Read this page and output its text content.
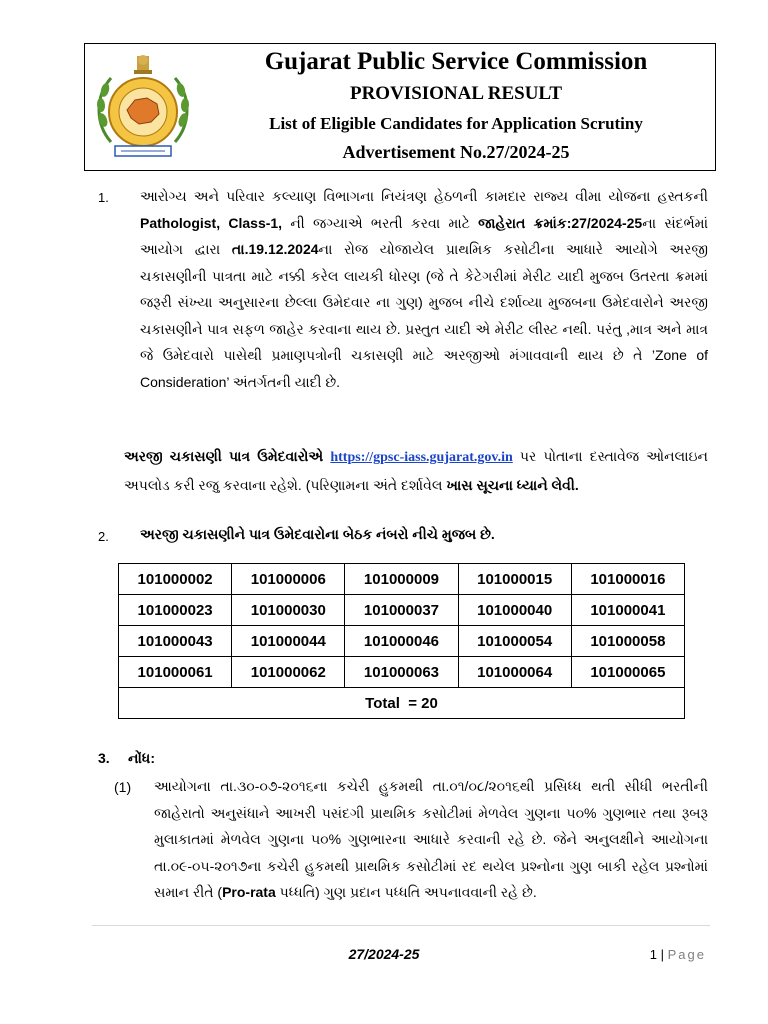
Gujarat Public Service Commission
PROVISIONAL RESULT
List of Eligible Candidates for Application Scrutiny
Advertisement No.27/2024-25
1. આરોગ્ય અને પરિવાર કલ્યાણ વિભાગના નિયંત્રણ હેઠળની કામદાર રાજ્ય વીમા યોજના હસ્તકની Pathologist, Class-1, ની જગ્યાએ ભરતી કરવા માટે જાહેરાત ક્રમાંક:27/2024-25ના સંદર્ભમાં આયોગ દ્વારા તા.19.12.2024ના રોજ યોજાયેલ પ્રાથમિક કસોટીના આધારે આયોગે અરજી ચકાસણીની પાત્રતા માટે નક્કી કરેલ લાયકી ધોરણ (જે તે કેટેગરીમાં મેરીટ યાદી મુજબ ઉતરતા ક્રમમાં જરૂરી સંખ્યા અનુસારના છેલ્લા ઉમેદવાર ના ગુણ) મુજબ નીચે દર્શાવ્યા મુજબના ઉમેદવારોને અરજી ચકાસણીને પાત્ર સફળ જાહેર કરવાના થાય છે. પ્રસ્તુત યાદી એ મેરીટ લીસ્ટ નથી. પરંતુ ,માત્ર અને માત્ર જે ઉમેદવારો પાસેથી પ્રમાણપત્રોની ચકાસણી માટે અરજીઓ મંગાવવાની થાય છે તે ’Zone of Consideration’ અંતર્ગતની યાદી છે.
અરજી ચકાસણી પાત્ર ઉમેદવારોએ https://gpsc-iass.gujarat.gov.in પર પોતાના દસ્તાવેજ ઓનલાઇન અપલોડ કરી રજુ કરવાના રહેશે. (પરિણામના અંતે દર્શાવેલ ખાસ સૂચના ધ્યાને લેવી.
2. અરજી ચકાસણીને પાત્ર ઉમેદવારોના બેઠક નંબરો નીચે મુજબ છે.
101000002	101000006	101000009	101000015	101000016
101000023	101000030	101000037	101000040	101000041
101000043	101000044	101000046	101000054	101000058
101000061	101000062	101000063	101000064	101000065
Total  = 20				
3. નોંધ:
(1) આયોગના તા.૩૦-૦૭-૨૦૧૬ના કચેરી હુકમથી તા.૦૧/૦૮/૨૦૧૬થી પ્રસિધ્ધ થતી સીધી ભરતીની જાહેરાતો અનુસંધાને આખરી પસંદગી પ્રાથમિક કસોટીમાં મેળવેલ ગુણના ૫૦% ગુણભાર તથા રૂબરૂ મુલાકાતમાં મેળવેલ ગુણના ૫૦% ગુણભારના આધારે કરવાની રહે છે. જેને અનુલક્ષીને આયોગના તા.૦૯-૦૫-૨૦૧૭ના કચેરી હુકમથી પ્રાથમિક કસોટીમાં રદ થયેલ પ્રશ્નોના ગુણ બાકી રહેલ પ્રશ્નોમાં સમાન રીતે (Pro-rata પધ્ધતિ) ગુણ પ્રદાન પધ્ધતિ અપનાવવાની રહે છે.
27/2024-25	1 | Page
